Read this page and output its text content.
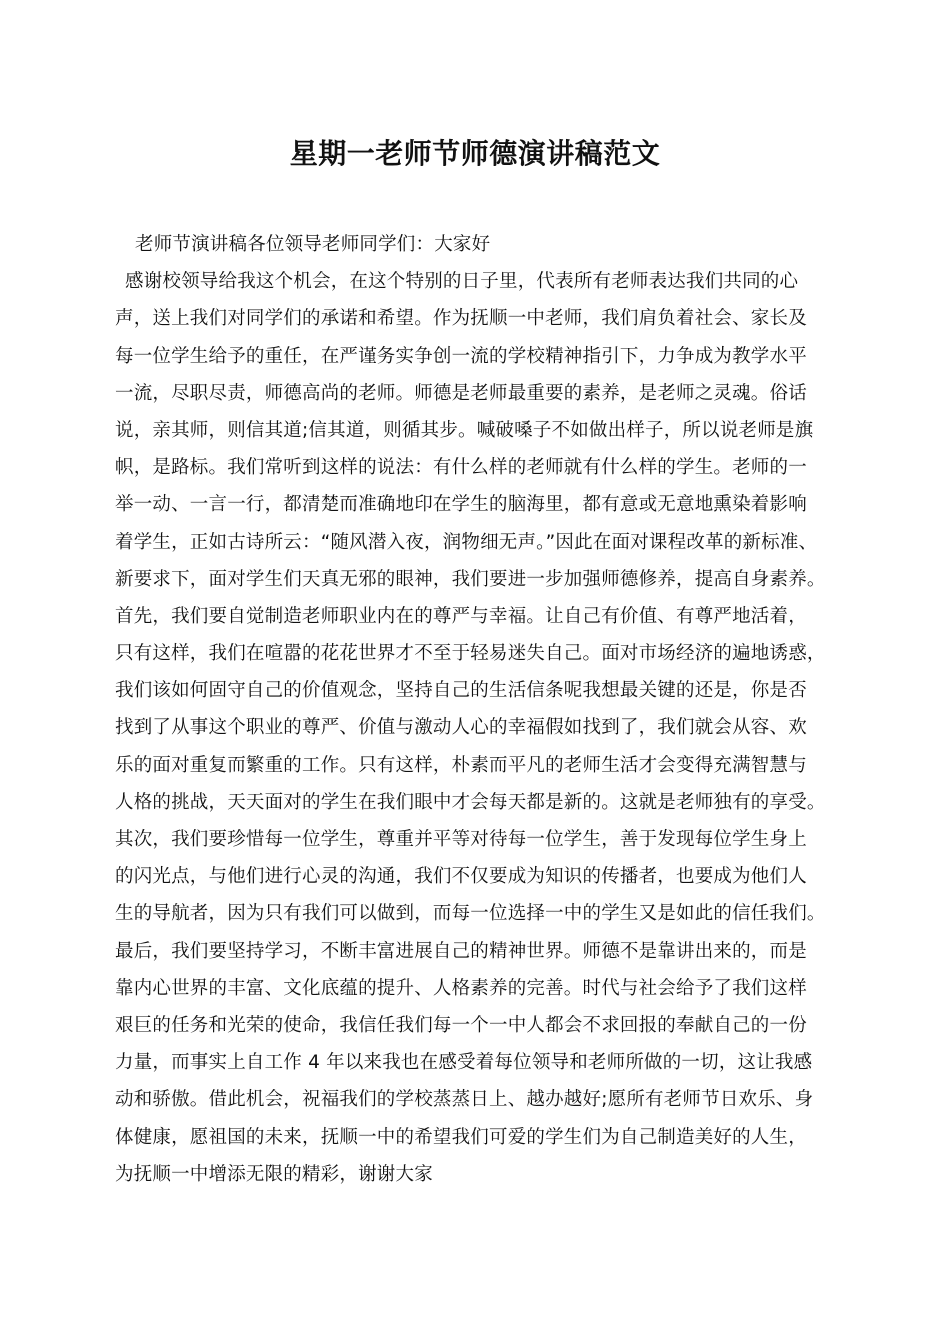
星期一老师节师德演讲稿范文
老师节演讲稿各位领导老师同学们：大家好
感谢校领导给我这个机会，在这个特别的日子里，代表所有老师表达我们共同的心
声，送上我们对同学们的承诺和希望。作为抚顺一中老师，我们肩负着社会、家长及
每一位学生给予的重任，在严谨务实争创一流的学校精神指引下，力争成为教学水平
一流，尽职尽责，师德高尚的老师。师德是老师最重要的素养，是老师之灵魂。俗话
说，亲其师，则信其道;信其道，则循其步。喊破嗓子不如做出样子，所以说老师是旗
帜，是路标。我们常听到这样的说法：有什么样的老师就有什么样的学生。老师的一
举一动、一言一行，都清楚而准确地印在学生的脑海里，都有意或无意地熏染着影响
着学生，正如古诗所云：“随风潜入夜，润物细无声。”因此在面对课程改革的新标准、
新要求下，面对学生们天真无邪的眼神，我们要进一步加强师德修养，提高自身素养。
首先，我们要自觉制造老师职业内在的尊严与幸福。让自己有价值、有尊严地活着，
只有这样，我们在喧嚣的花花世界才不至于轻易迷失自己。面对市场经济的遍地诱惑，
我们该如何固守自己的价值观念，坚持自己的生活信条呢我想最关键的还是，你是否
找到了从事这个职业的尊严、价值与激动人心的幸福假如找到了，我们就会从容、欢
乐的面对重复而繁重的工作。只有这样，朴素而平凡的老师生活才会变得充满智慧与
人格的挑战，天天面对的学生在我们眼中才会每天都是新的。这就是老师独有的享受。
其次，我们要珍惜每一位学生，尊重并平等对待每一位学生，善于发现每位学生身上
的闪光点，与他们进行心灵的沟通，我们不仅要成为知识的传播者，也要成为他们人
生的导航者，因为只有我们可以做到，而每一位选择一中的学生又是如此的信任我们。
最后，我们要坚持学习，不断丰富进展自己的精神世界。师德不是靠讲出来的，而是
靠内心世界的丰富、文化底蕴的提升、人格素养的完善。时代与社会给予了我们这样
艰巨的任务和光荣的使命，我信任我们每一个一中人都会不求回报的奉献自己的一份
力量，而事实上自工作 4 年以来我也在感受着每位领导和老师所做的一切，这让我感
动和骄傲。借此机会，祝福我们的学校蒸蒸日上、越办越好;愿所有老师节日欢乐、身
体健康，愿祖国的未来，抚顺一中的希望我们可爱的学生们为自己制造美好的人生，
为抚顺一中增添无限的精彩，谢谢大家
